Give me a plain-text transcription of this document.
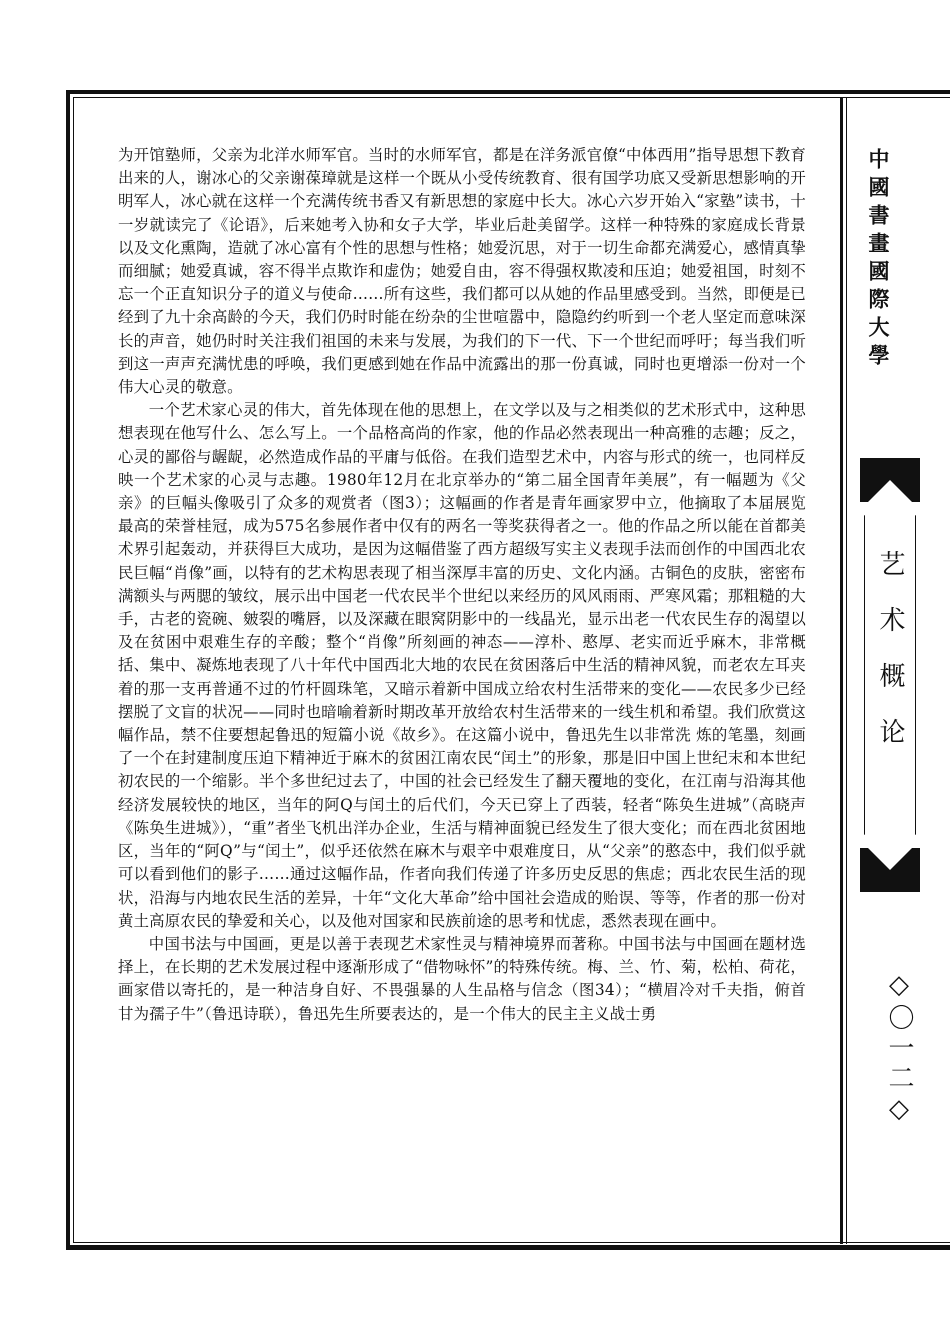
为开馆塾师，父亲为北洋水师军官。当时的水师军官，都是在洋务派官僚“中体西用”指导思想下教育出来的人，谢冰心的父亲谢葆璋就是这样一个既从小受传统教育、很有国学功底又受新思想影响的开明军人，冰心就在这样一个充满传统书香又有新思想的家庭中长大。冰心六岁开始入“家塾”读书，十一岁就读完了《论语》，后来她考入协和女子大学，毕业后赴美留学。这样一种特殊的家庭成长背景以及文化熏陶，造就了冰心富有个性的思想与性格；她爱沉思，对于一切生命都充满爱心，感情真挚而细腻；她爱真诚，容不得半点欺诈和虚伪；她爱自由，容不得强权欺凌和压迫；她爱祖国，时刻不忘一个正直知识分子的道义与使命……所有这些，我们都可以从她的作品里感受到。当然，即便是已经到了九十余高龄的今天，我们仍时时能在纷杂的尘世喧嚣中，隐隐约约听到一个老人坚定而意味深长的声音，她仍时时关注我们祖国的未来与发展，为我们的下一代、下一个世纪而呼吁；每当我们听到这一声声充满忧患的呼唤，我们更感到她在作品中流露出的那一份真诚，同时也更增添一份对一个伟大心灵的敬意。

一个艺术家心灵的伟大，首先体现在他的思想上，在文学以及与之相类似的艺术形式中，这种思想表现在他写什么、怎么写上。一个品格高尚的作家，他的作品必然表现出一种高雅的志趣；反之，心灵的鄙俗与龌龊，必然造成作品的平庸与低俗。在我们造型艺术中，内容与形式的统一，也同样反映一个艺术家的心灵与志趣。1980年12月在北京举办的“第二届全国青年美展”，有一幅题为《父亲》的巨幅头像吸引了众多的观赏者（图3）；这幅画的作者是青年画家罗中立，他摘取了本届展览最高的荣誉桂冠，成为575名参展作者中仅有的两名一等奖获得者之一。他的作品之所以能在首都美术界引起轰动，并获得巨大成功，是因为这幅借鉴了西方超级写实主义表现手法而创作的中国西北农民巨幅“肖像”画，以特有的艺术构思表现了相当深厚丰富的历史、文化内涵。古铜色的皮肤，密密布满额头与两腮的皱纹，展示出中国老一代农民半个世纪以来经历的风风雨雨、严寒风霜；那粗糙的大手，古老的瓷碗、皴裂的嘴唇，以及深藏在眼窝阴影中的一线晶光，显示出老一代农民生存的渴望以及在贫困中艰难生存的辛酸；整个“肖像”所刻画的神态——淳朴、憨厚、老实而近乎麻木，非常概括、集中、凝炼地表现了八十年代中国西北大地的农民在贫困落后中生活的精神风貌，而老农左耳夹着的那一支再普通不过的竹杆圆珠笔，又暗示着新中国成立给农村生活带来的变化——农民多少已经摆脱了文盲的状况——同时也暗喻着新时期改革开放给农村生活带来的一线生机和希望。我们欣赏这幅作品，禁不住要想起鲁迅的短篇小说《故乡》。在这篇小说中，鲁迅先生以非常洗 炼的笔墨，刻画了一个在封建制度压迫下精神近于麻木的贫困江南农民“闰土”的形象，那是旧中国上世纪末和本世纪初农民的一个缩影。半个多世纪过去了，中国的社会已经发生了翻天覆地的变化，在江南与沿海其他经济发展较快的地区，当年的阿Q与闰土的后代们，今天已穿上了西装，轻者“陈奂生进城”（高晓声《陈奂生进城》），“重”者坐飞机出洋办企业，生活与精神面貌已经发生了很大变化；而在西北贫困地区，当年的“阿Q”与“闰土”，似乎还依然在麻木与艰辛中艰难度日，从“父亲”的憨态中，我们似乎就可以看到他们的影子……通过这幅作品，作者向我们传递了许多历史反思的焦虑；西北农民生活的现状，沿海与内地农民生活的差异，十年“文化大革命”给中国社会造成的贻误、等等，作者的那一份对黄土高原农民的挚爱和关心，以及他对国家和民族前途的思考和忧虑，悉然表现在画中。

中国书法与中国画，更是以善于表现艺术家性灵与精神境界而著称。中国书法与中国画在题材选择上，在长期的艺术发展过程中逐渐形成了“借物咏怀”的特殊传统。梅、兰、竹、菊，松柏、荷花，画家借以寄托的，是一种洁身自好、不畏强暴的人生品格与信念（图34）；“横眉冷对千夫指，俯首甘为孺子牛”（鲁迅诗联），鲁迅先生所要表达的，是一个伟大的民主主义战士勇

中國書畫國際大學
艺术概论
◇〇一二◇
